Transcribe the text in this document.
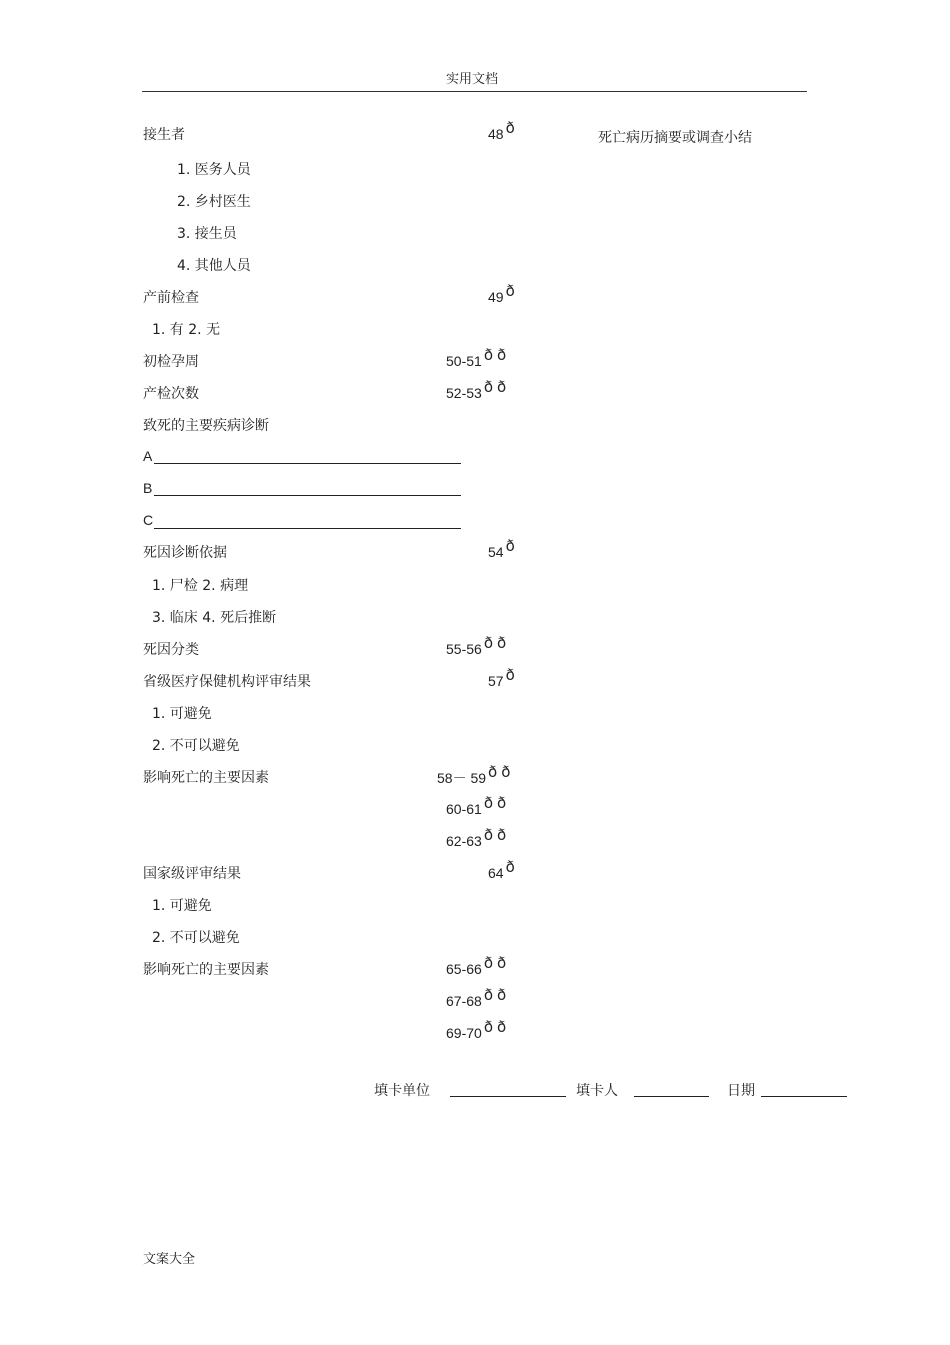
实用文档
死亡病历摘要或调查小结
接生者	48 ð
1. 医务人员
2. 乡村医生
3. 接生员
4. 其他人员
产前检查	49 ð
1. 有 2. 无
初检孕周	50-51 ð ð
产检次数	52-53 ð ð
致死的主要疾病诊断
A
B
C
死因诊断依据	54 ð
1. 尸检 2. 病理
3. 临床 4. 死后推断
死因分类	55-56 ð ð
省级医疗保健机构评审结果	57 ð
1. 可避免
2. 不可以避免
影响死亡的主要因素	58－ 59 ð ð
60-61 ð ð
62-63 ð ð
国家级评审结果	64 ð
1. 可避免
2. 不可以避免
影响死亡的主要因素	65-66 ð ð
67-68 ð ð
69-70 ð ð
填卡单位	填卡人	日期
文案大全
